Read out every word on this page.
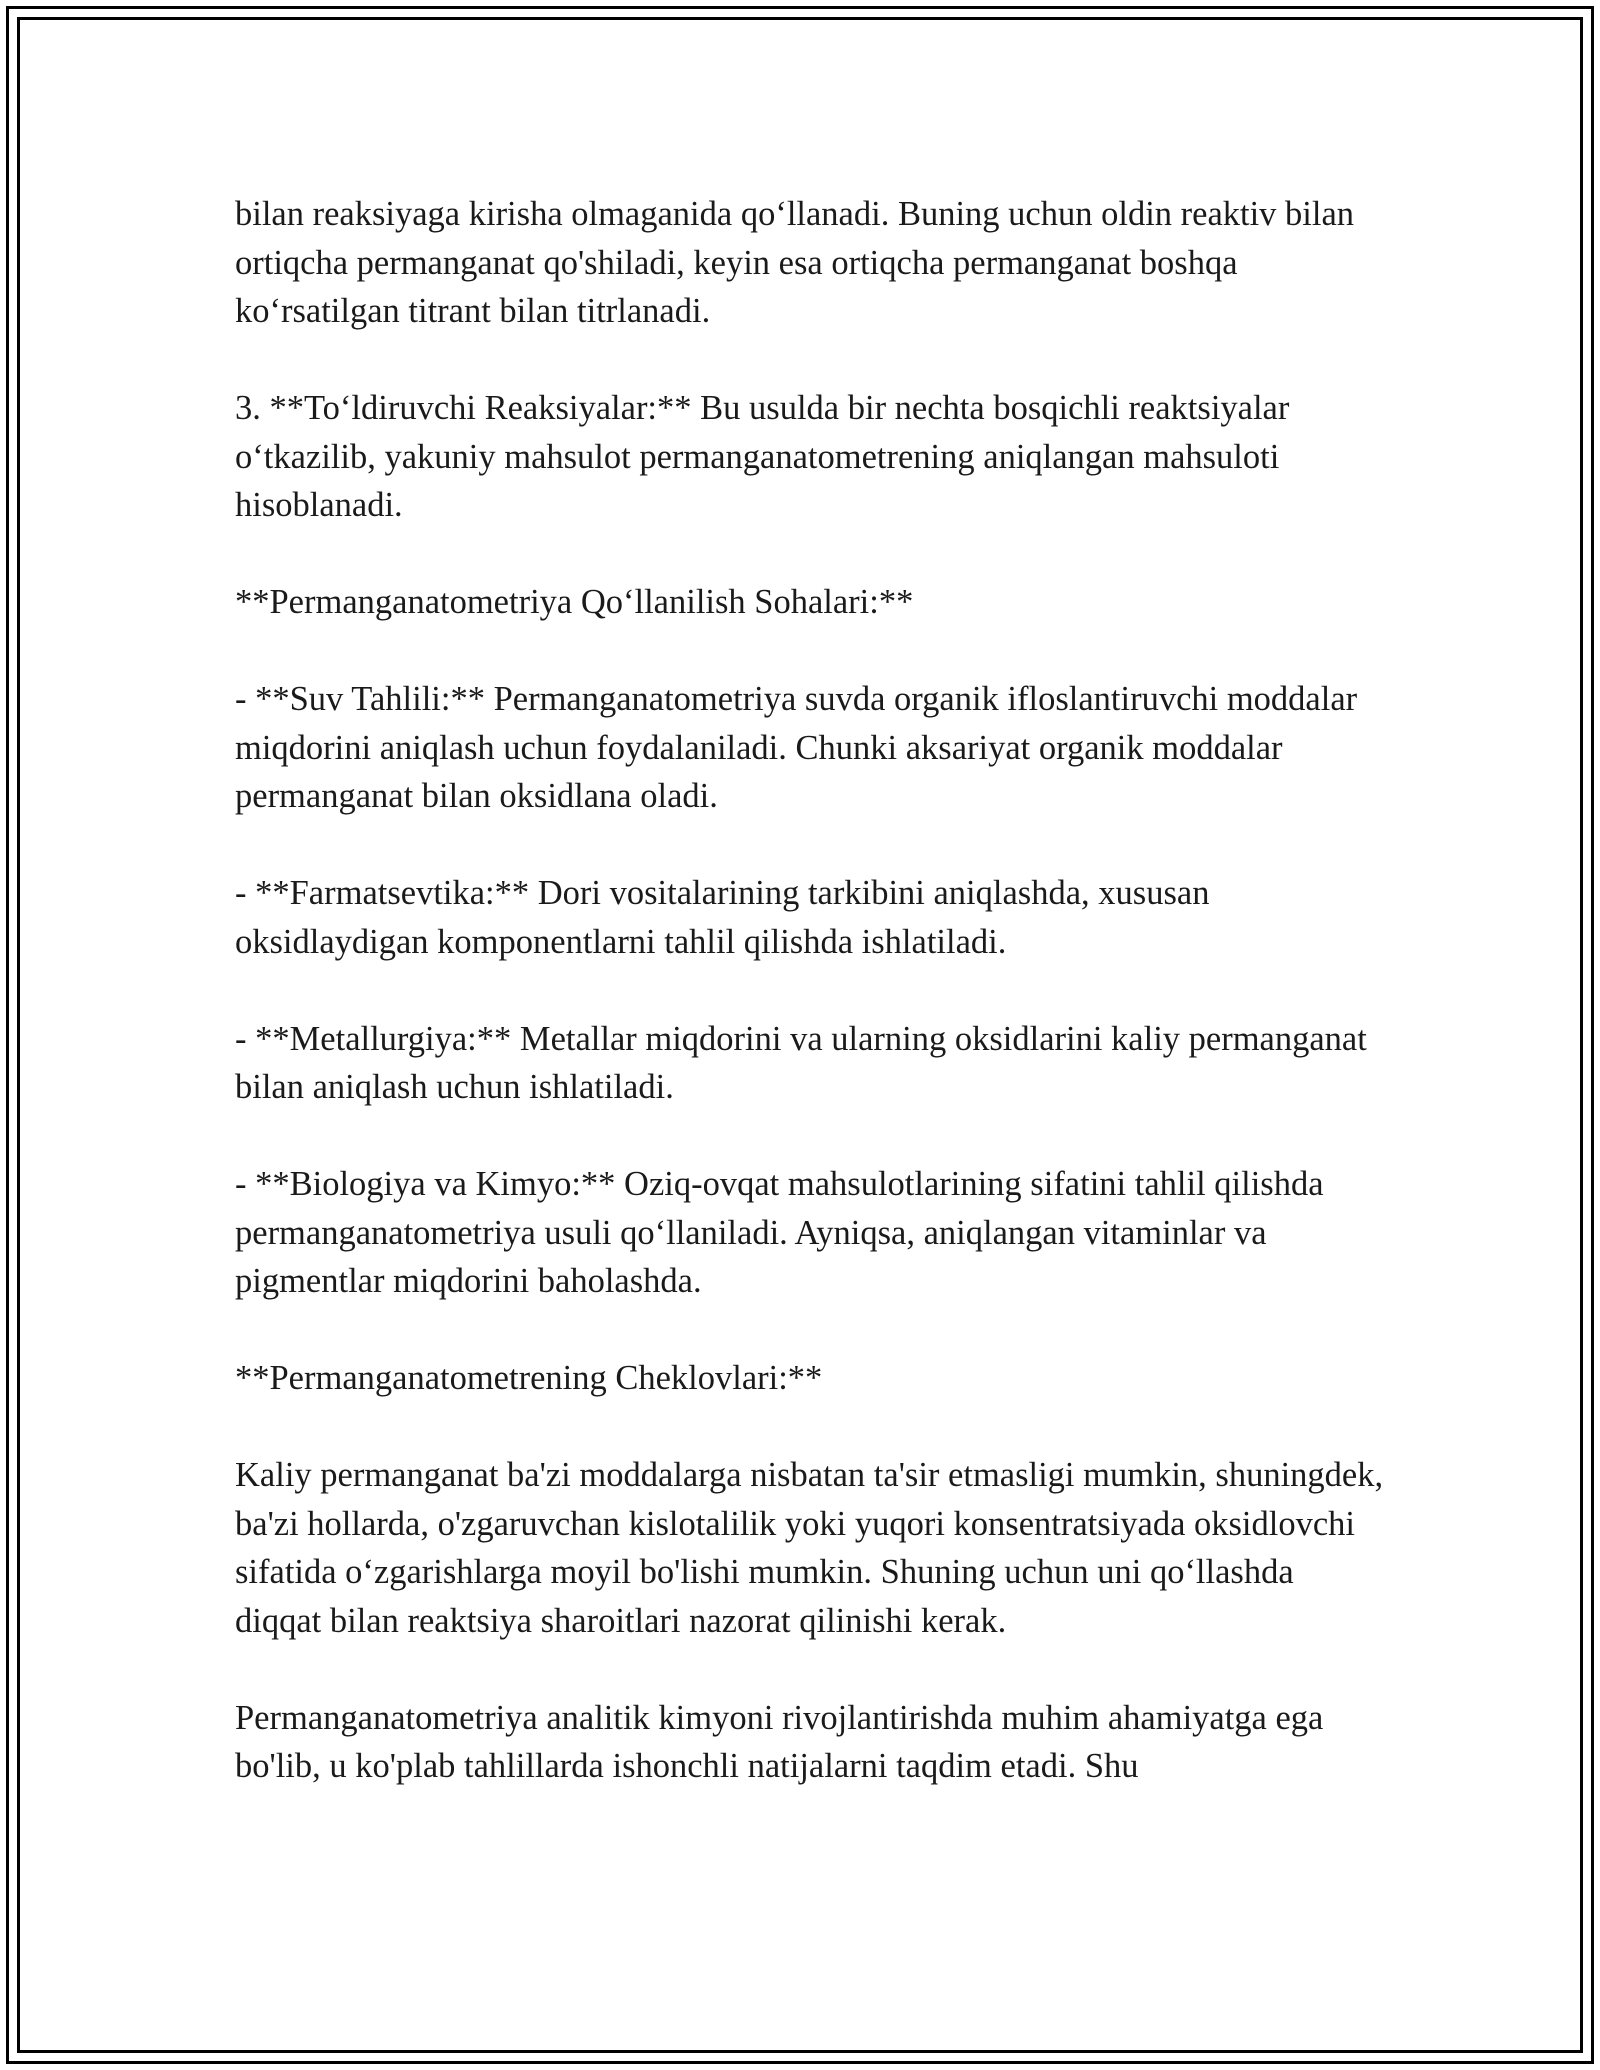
bilan reaksiyaga kirisha olmaganida qo‘llanadi. Buning uchun oldin reaktiv bilan ortiqcha permanganat qo'shiladi, keyin esa ortiqcha permanganat boshqa ko‘rsatilgan titrant bilan titrlanadi.

3. **To‘ldiruvchi Reaksiyalar:** Bu usulda bir nechta bosqichli reaktsiyalar o‘tkazilib, yakuniy mahsulot permanganatometrening aniqlangan mahsuloti hisoblanadi.

**Permanganatometriya Qo‘llanilish Sohalari:**

- **Suv Tahlili:** Permanganatometriya suvda organik ifloslantiruvchi moddalar miqdorini aniqlash uchun foydalaniladi. Chunki aksariyat organik moddalar permanganat bilan oksidlana oladi.

- **Farmatsevtika:** Dori vositalarining tarkibini aniqlashda, xususan oksidlaydigan komponentlarni tahlil qilishda ishlatiladi.

- **Metallurgiya:** Metallar miqdorini va ularning oksidlarini kaliy permanganat bilan aniqlash uchun ishlatiladi.

- **Biologiya va Kimyo:** Oziq-ovqat mahsulotlarining sifatini tahlil qilishda permanganatometriya usuli qo‘llaniladi. Ayniqsa, aniqlangan vitaminlar va pigmentlar miqdorini baholashda.

**Permanganatometrening Cheklovlari:**

Kaliy permanganat ba'zi moddalarga nisbatan ta'sir etmasligi mumkin, shuningdek, ba'zi hollarda, o'zgaruvchan kislotalilik yoki yuqori konsentratsiyada oksidlovchi sifatida o‘zgarishlarga moyil bo'lishi mumkin. Shuning uchun uni qo‘llashda diqqat bilan reaktsiya sharoitlari nazorat qilinishi kerak.

Permanganatometriya analitik kimyoni rivojlantirishda muhim ahamiyatga ega bo'lib, u ko'plab tahlillarda ishonchli natijalarni taqdim etadi. Shu
